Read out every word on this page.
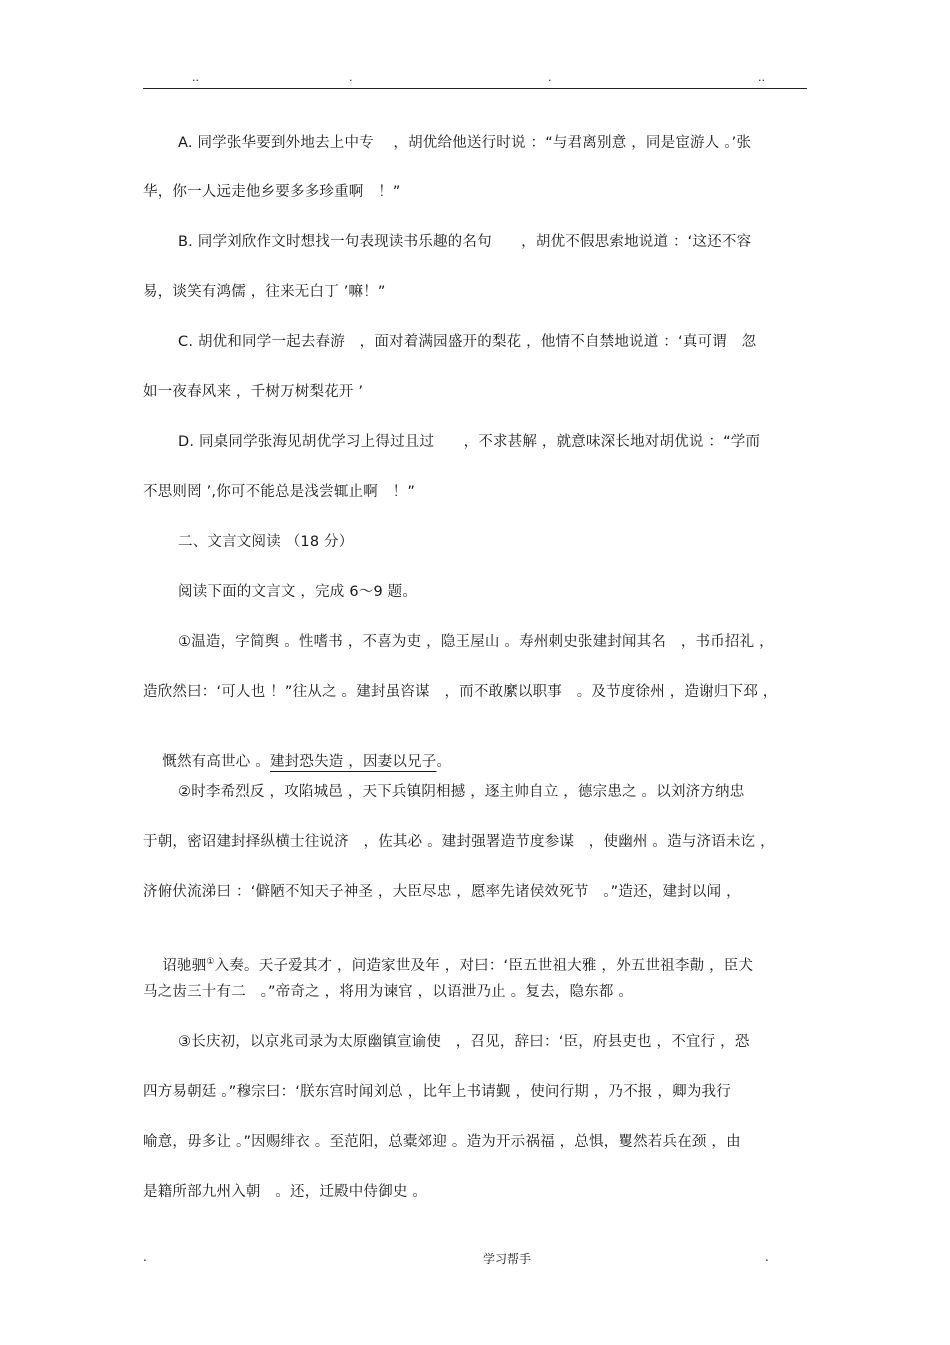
..	.	.	..
A. 同学张华要到外地去上中专　 ，胡优给他送行时说 ：“与君离别意 ，同是宦游人 。’张
华，你一人远走他乡要多多珍重啊　！”
B. 同学刘欣作文时想找一句表现读书乐趣的名句　　，胡优不假思索地说道 ：‘这还不容
易，谈笑有鸿儒 ，往来无白丁 ’嘛！”
C. 胡优和同学一起去春游　，面对着满园盛开的梨花 ，他情不自禁地说道 ：‘真可谓　忽
如一夜春风来 ，千树万树梨花开 ’
D. 同桌同学张海见胡优学习上得过且过　　，不求甚解 ，就意味深长地对胡优说 ：“学而
不思则罔 ’,你可不能总是浅尝辄止啊　！”
二、文言文阅读 （18 分）
阅读下面的文言文 ，完成 6～9 题。
①温造，字简舆 。性嗜书 ，不喜为吏 ，隐王屋山 。寿州刺史张建封闻其名　，书币招礼 ，
造欣然曰：‘可人也 ！”往从之 。建封虽咨谋　，而不敢縻以职事　。及节度徐州 ，造谢归下邳 ，

慨然有高世心 。建封恐失造 ，因妻以兄子。

②时李希烈反 ，攻陷城邑 ，天下兵镇阴相撼 ，逐主帅自立 ，德宗患之 。以刘济方纳忠
于朝，密诏建封择纵横士往说济　，佐其必 。建封强署造节度参谋　，使幽州 。造与济语未讫 ，
济俯伏流涕曰 ：‘僻陋不知天子神圣 ，大臣尽忠 ，愿率先诸侯效死节　。”造还，建封以闻 ，

诏驰驷①入奏。天子爱其才 ，问造家世及年 ，对曰：‘臣五世祖大雅 ，外五世祖李勣 ，臣犬

马之齿三十有二　。”帝奇之 ，将用为谏官 ，以语泄乃止 。复去，隐东都 。
③长庆初，以京兆司录为太原幽镇宣谕使　，召见，辞曰：‘臣，府县吏也 ，不宜行 ，恐
四方易朝廷 。”穆宗曰：‘朕东宫时闻刘总 ，比年上书请觐 ，使问行期 ，乃不报 ，卿为我行
喻意，毋多让 。”因赐绯衣 。至范阳，总橐郊迎 。造为开示祸福 ，总惧，矍然若兵在颈 ，由
是籍所部九州入朝　。还，迁殿中侍御史 。
.	学习帮手	.
